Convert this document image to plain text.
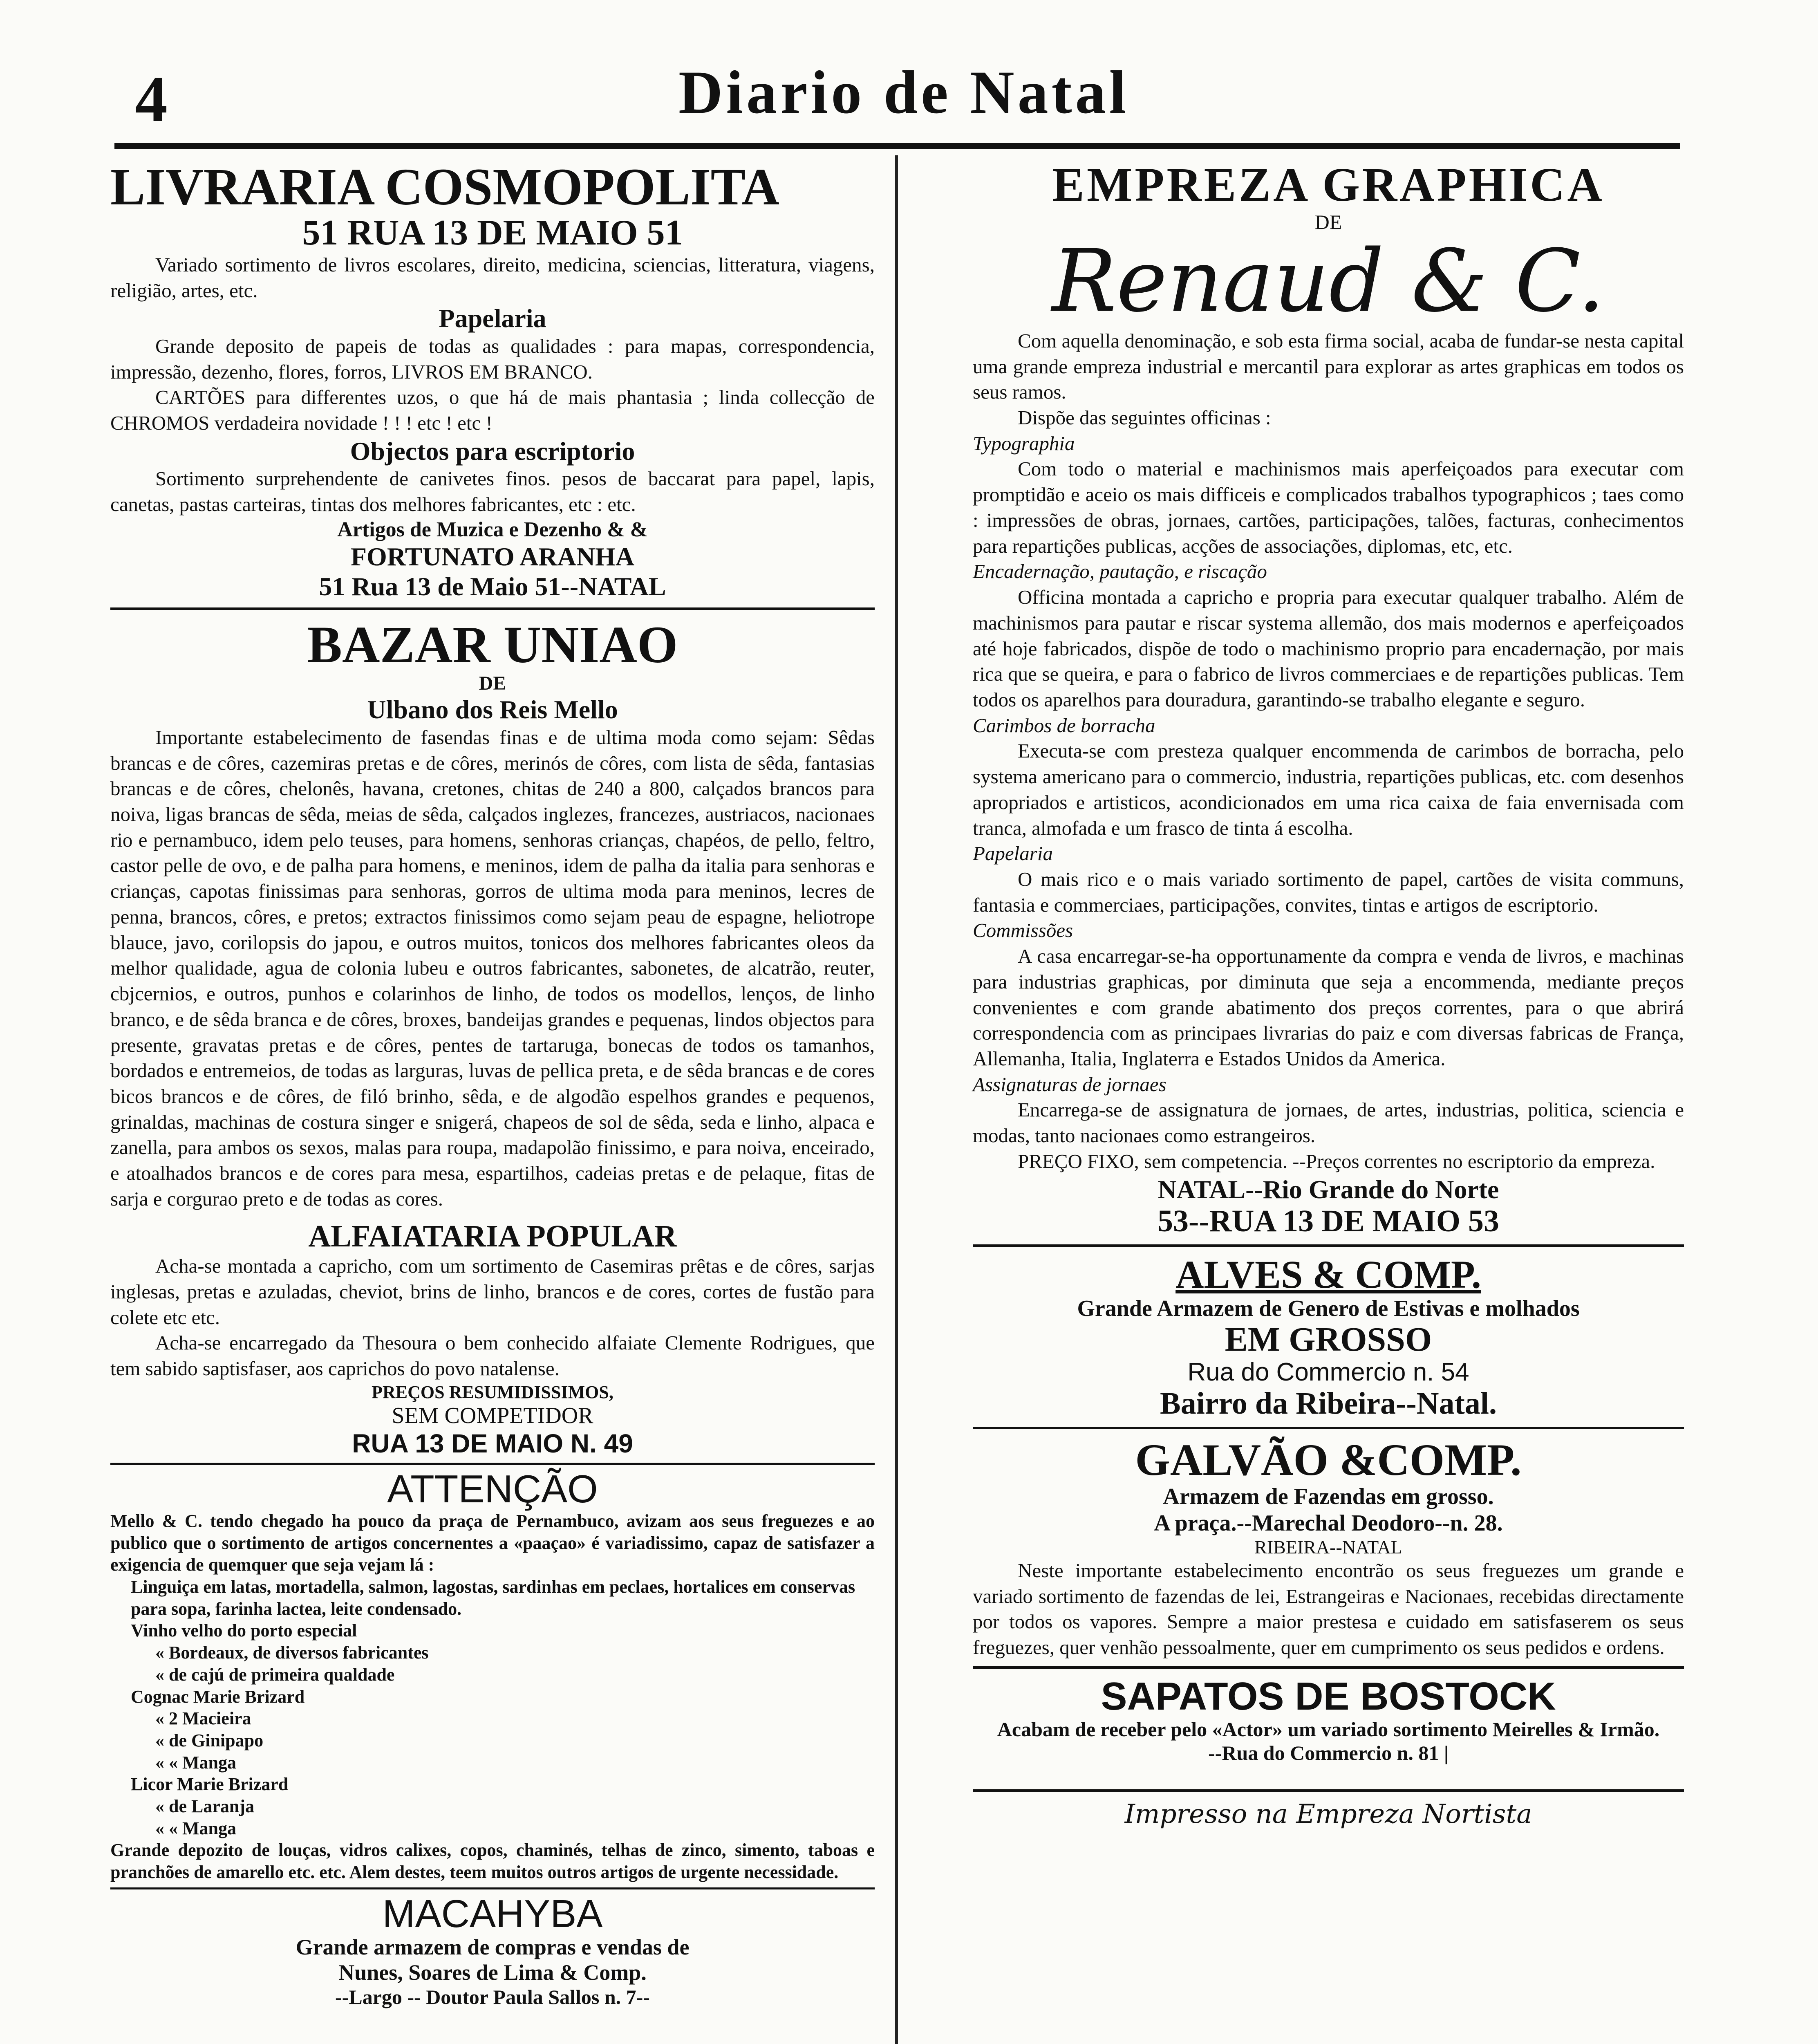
4	Diario de Natal
LIVRARIA COSMOPOLITA
51 RUA 13 DE MAIO 51

Variado sortimento de livros escolares, direito, medicina, sciencias, litteratura, viagens, religião, artes, etc.

Papelaria

Grande deposito de papeis de todas as qualidades : para mapas, correspondencia, impressão, dezenho, flores, forros, LIVROS EM BRANCO.

CARTÕES para differentes uzos, o que há de mais phantasia ; linda collecção de CHROMOS verdadeira novidade ! ! ! etc ! etc !

Objectos para escriptorio

Sortimento surprehendente de canivetes finos. pesos de baccarat para papel, lapis, canetas, pastas carteiras, tintas dos melhores fabricantes, etc : etc.

Artigos de Muzica e Dezenho & &
FORTUNATO ARANHA
51 Rua 13 de Maio 51--NATAL
BAZAR UNIAO
DE
Ulbano dos Reis Mello

Importante estabelecimento de fasendas finas e de ultima moda como sejam: Sêdas brancas e de côres, cazemiras pretas e de côres, merinós de côres, com lista de sêda, fantasias brancas e de côres, chelonês, havana, cretones, chitas de 240 a 800, calçados brancos para noiva, ligas brancas de sêda, meias de sêda, calçados inglezes, francezes, austriacos, nacionaes rio e pernambuco, idem pelo teuses, para homens, senhoras crianças, chapéos, de pello, feltro, castor pelle de ovo, e de palha para homens, e meninos, idem de palha da italia para senhoras e crianças, capotas finissimas para senhoras, gorros de ultima moda para meninos, lecres de penna, brancos, côres, e pretos; extractos finissimos como sejam peau de espagne, heliotrope blauce, javo, corilopsis do japou, e outros muitos, tonicos dos melhores fabricantes oleos da melhor qualidade, agua de colonia lubeu e outros fabricantes, sabonetes, de alcatrão, reuter, cbjcernios, e outros, punhos e colarinhos de linho, de todos os modellos, lenços, de linho branco, e de sêda branca e de côres, broxes, bandeijas grandes e pequenas, lindos objectos para presente, gravatas pretas e de côres, pentes de tartaruga, bonecas de todos os tamanhos, bordados e entremeios, de todas as larguras, luvas de pellica preta, e de sêda brancas e de cores bicos brancos e de côres, de filó brinho, sêda, e de algodão espelhos grandes e pequenos, grinaldas, machinas de costura singer e snigerá, chapeos de sol de sêda, seda e linho, alpaca e zanella, para ambos os sexos, malas para roupa, madapolão finissimo, e para noiva, enceirado, e atoalhados brancos e de cores para mesa, espartilhos, cadeias pretas e de pelaque, fitas de sarja e corgurao preto e de todas as cores.

ALFAIATARIA POPULAR

Acha-se montada a capricho, com um sortimento de Casemiras prêtas e de côres, sarjas inglesas, pretas e azuladas, cheviot, brins de linho, brancos e de cores, cortes de fustão para colete etc etc.

Acha-se encarregado da Thesoura o bem conhecido alfaiate Clemente Rodrigues, que tem sabido saptisfaser, aos caprichos do povo natalense.

PREÇOS RESUMIDISSIMOS,
SEM COMPETIDOR
RUA 13 DE MAIO N. 49
ATTENÇÃO
Mello & C. tendo chegado ha pouco da praça de Pernambuco, avizam aos seus freguezes e ao publico que o sortimento de artigos concernentes a «paaçao» é variadissimo, capaz de satisfazer a exigencia de quemquer que seja vejam lá :
Linguiça em latas, mortadella, salmon, lagostas, sardinhas em peclaes, hortalices em conservas para sopa, farinha lactea, leite condensado.
Vinho velho do porto especial
« Bordeaux, de diversos fabricantes
« de cajú de primeira qualdade
Cognac Marie Brizard
« 2 Macieira
« de Ginipapo
« « Manga
Licor Marie Brizard
« de Laranja
« « Manga
Grande depozito de louças, vidros calixes, copos, chaminés, telhas de zinco, simento, taboas e pranchões de amarello etc. etc. Alem destes, teem muitos outros artigos de urgente necessidade.
MACAHYBA
Grande armazem de compras e vendas de
Nunes, Soares de Lima & Comp.
--Largo -- Doutor Paula Sallos n. 7--
EMPREZA GRAPHICA
DE
Renaud & C.

Com aquella denominação, e sob esta firma social, acaba de fundar-se nesta capital uma grande empreza industrial e mercantil para explorar as artes graphicas em todos os seus ramos.

Dispõe das seguintes officinas :

Typographia

Com todo o material e machinismos mais aperfeiçoados para executar com promptidão e aceio os mais difficeis e complicados trabalhos typographicos ; taes como : impressões de obras, jornaes, cartões, participações, talões, facturas, conhecimentos para repartições publicas, acções de associações, diplomas, etc, etc.

Encadernação, pautação, e riscação

Officina montada a capricho e propria para executar qualquer trabalho. Além de machinismos para pautar e riscar systema allemão, dos mais modernos e aperfeiçoados até hoje fabricados, dispõe de todo o machinismo proprio para encadernação, por mais rica que se queira, e para o fabrico de livros commerciaes e de repartições publicas. Tem todos os aparelhos para douradura, garantindo-se trabalho elegante e seguro.

Carimbos de borracha

Executa-se com presteza qualquer encommenda de carimbos de borracha, pelo systema americano para o commercio, industria, repartições publicas, etc. com desenhos apropriados e artisticos, acondicionados em uma rica caixa de faia envernisada com tranca, almofada e um frasco de tinta á escolha.

Papelaria

O mais rico e o mais variado sortimento de papel, cartões de visita communs, fantasia e commerciaes, participações, convites, tintas e artigos de escriptorio.

Commissões

A casa encarregar-se-ha opportunamente da compra e venda de livros, e machinas para industrias graphicas, por diminuta que seja a encommenda, mediante preços convenientes e com grande abatimento dos preços correntes, para o que abrirá correspondencia com as principaes livrarias do paiz e com diversas fabricas de França, Allemanha, Italia, Inglaterra e Estados Unidos da America.

Assignaturas de jornaes

Encarrega-se de assignatura de jornaes, de artes, industrias, politica, sciencia e modas, tanto nacionaes como estrangeiros.

PREÇO FIXO, sem competencia. --Preços correntes no escriptorio da empreza.

NATAL--Rio Grande do Norte
53--RUA 13 DE MAIO 53
ALVES & COMP.
Grande Armazem de Genero de Estivas e molhados
EM GROSSO
Rua do Commercio n. 54
Bairro da Ribeira--Natal.
GALVÃO &COMP.
Armazem de Fazendas em grosso.
A praça.--Marechal Deodoro--n. 28.
RIBEIRA--NATAL

Neste importante estabelecimento encontrão os seus freguezes um grande e variado sortimento de fazendas de lei, Estrangeiras e Nacionaes, recebidas directamente por todos os vapores. Sempre a maior prestesa e cuidado em satisfaserem os seus freguezes, quer venhão pessoalmente, quer em cumprimento os seus pedidos e ordens.

SAPATOS DE BOSTOCK
Acabam de receber pelo «Actor» um variado sortimento Meirelles & Irmão.
--Rua do Commercio n. 81 |
Impresso na Empreza Nortista
